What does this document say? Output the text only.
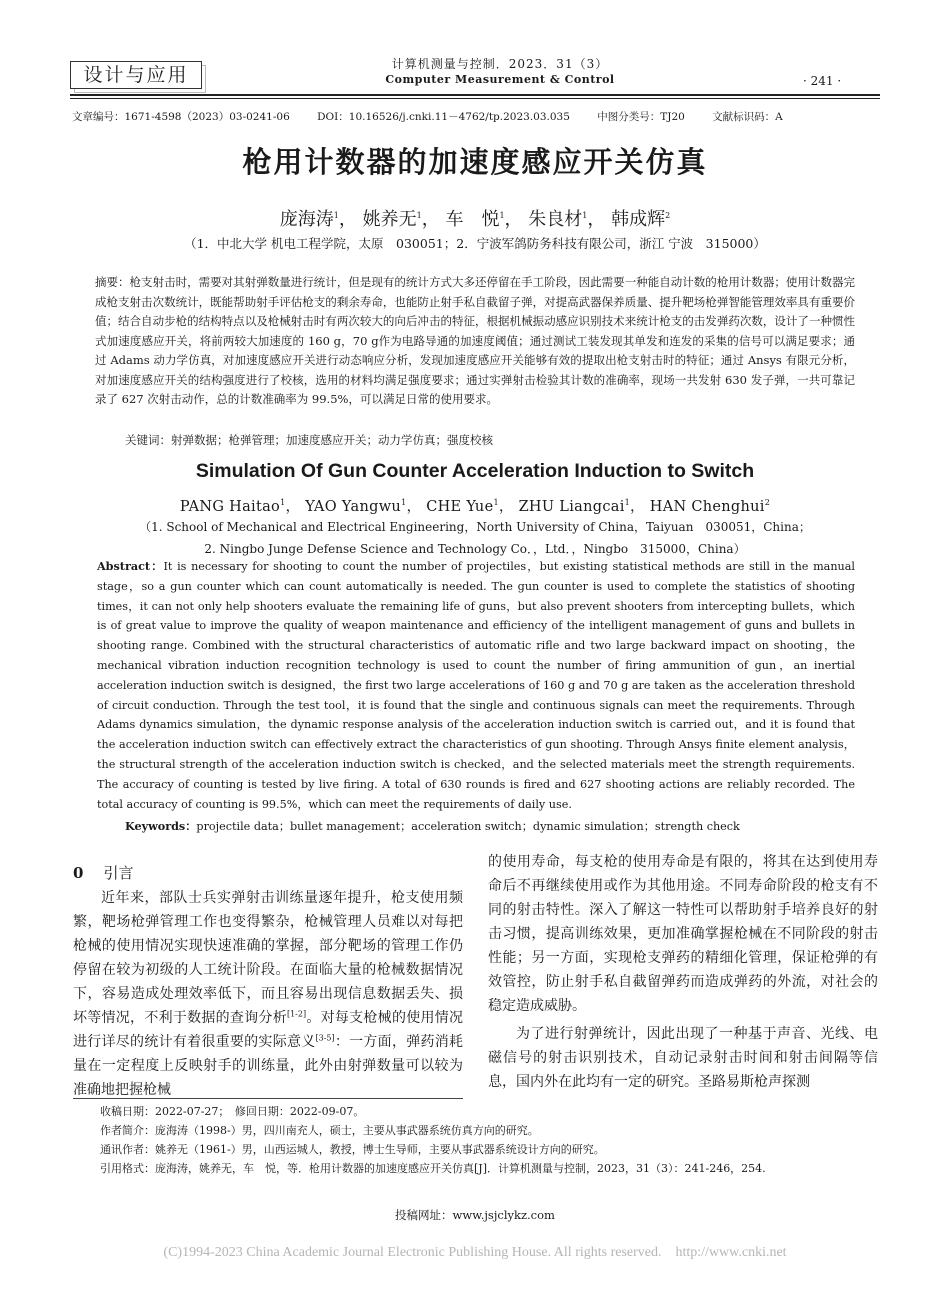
设计与应用	计算机测量与控制．2023．31（3）
Computer Measurement & Control	· 241 ·
文章编号：1671-4598（2023）03-0241-06	DOI：10.16526/j.cnki.11－4762/tp.2023.03.035	中图分类号：TJ20	文献标识码：A
枪用计数器的加速度感应开关仿真
庞海涛$^1$， 姚养无$^1$， 车　悦$^1$， 朱良材$^1$， 韩成辉$^2$
（1．中北大学 机电工程学院，太原　030051；2．宁波军鸽防务科技有限公司，浙江 宁波　315000）
摘要：枪支射击时，需要对其射弹数量进行统计，但是现有的统计方式大多还停留在手工阶段，因此需要一种能自动计数的枪用计数器；使用计数器完成枪支射击次数统计，既能帮助射手评估枪支的剩余寿命，也能防止射手私自截留子弹，对提高武器保养质量、提升靶场枪弹智能管理效率具有重要价值；结合自动步枪的结构特点以及枪械射击时有两次较大的向后冲击的特征，根据机械振动感应识别技术来统计枪支的击发弹药次数，设计了一种惯性式加速度感应开关，将前两较大加速度的 160 g，70 g作为电路导通的加速度阈值；通过测试工装发现其单发和连发的采集的信号可以满足要求；通过 Adams 动力学仿真，对加速度感应开关进行动态响应分析，发现加速度感应开关能够有效的提取出枪支射击时的特征；通过 Ansys 有限元分析，对加速度感应开关的结构强度进行了校核，选用的材料均满足强度要求；通过实弹射击检验其计数的准确率，现场一共发射 630 发子弹，一共可靠记录了 627 次射击动作，总的计数准确率为 99.5%，可以满足日常的使用要求。
关键词：射弹数据；枪弹管理；加速度感应开关；动力学仿真；强度校核
Simulation Of Gun Counter Acceleration Induction to Switch
PANG Haitao$^1$， YAO Yangwu$^1$， CHE Yue$^1$， ZHU Liangcai$^1$， HAN Chenghui$^2$
（1. School of Mechanical and Electrical Engineering，North University of China，Taiyuan　030051，China；
2. Ningbo Junge Defense Science and Technology Co．，Ltd．，Ningbo　315000，China）
Abstract：It is necessary for shooting to count the number of projectiles，but existing statistical methods are still in the manual stage，so a gun counter which can count automatically is needed. The gun counter is used to complete the statistics of shooting times，it can not only help shooters evaluate the remaining life of guns，but also prevent shooters from intercepting bullets，which is of great value to improve the quality of weapon maintenance and efficiency of the intelligent management of guns and bullets in shooting range. Combined with the structural characteristics of automatic rifle and two large backward impact on shooting，the mechanical vibration induction recognition technology is used to count the number of firing ammunition of gun，an inertial acceleration induction switch is designed，the first two large accelerations of 160 g and 70 g are taken as the acceleration threshold of circuit conduction. Through the test tool，it is found that the single and continuous signals can meet the requirements. Through Adams dynamics simulation，the dynamic response analysis of the acceleration induction switch is carried out，and it is found that the acceleration induction switch can effectively extract the characteristics of gun shooting. Through Ansys finite element analysis，the structural strength of the acceleration induction switch is checked，and the selected materials meet the strength requirements. The accuracy of counting is tested by live firing. A total of 630 rounds is fired and 627 shooting actions are reliably recorded. The total accuracy of counting is 99.5%，which can meet the requirements of daily use.
Keywords：projectile data；bullet management；acceleration switch；dynamic simulation；strength check
0 引言

近年来，部队士兵实弹射击训练量逐年提升，枪支使用频繁，靶场枪弹管理工作也变得繁杂，枪械管理人员难以对每把枪械的使用情况实现快速准确的掌握，部分靶场的管理工作仍停留在较为初级的人工统计阶段。在面临大量的枪械数据情况下，容易造成处理效率低下，而且容易出现信息数据丢失、损坏等情况，不利于数据的查询分析[1-2]。对每支枪械的使用情况进行详尽的统计有着很重要的实际意义[3-5]：一方面，弹药消耗量在一定程度上反映射手的训练量，此外由射弹数量可以较为准确地把握枪械

的使用寿命，每支枪的使用寿命是有限的，将其在达到使用寿命后不再继续使用或作为其他用途。不同寿命阶段的枪支有不同的射击特性。深入了解这一特性可以帮助射手培养良好的射击习惯，提高训练效果，更加准确掌握枪械在不同阶段的射击性能；另一方面，实现枪支弹药的精细化管理，保证枪弹的有效管控，防止射手私自截留弹药而造成弹药的外流，对社会的稳定造成威胁。

为了进行射弹统计，因此出现了一种基于声音、光线、电磁信号的射击识别技术，自动记录射击时间和射击间隔等信息，国内外在此均有一定的研究。圣路易斯枪声探测

收稿日期：2022-07-27；　修回日期：2022-09-07。
作者简介：庞海涛（1998-）男，四川南充人，硕士，主要从事武器系统仿真方向的研究。
通讯作者：姚养无（1961-）男，山西运城人，教授，博士生导师，主要从事武器系统设计方向的研究。
引用格式：庞海涛，姚养无，车　悦，等．枪用计数器的加速度感应开关仿真[J]．计算机测量与控制，2023，31（3）：241-246，254.
投稿网址：www.jsjclykz.com
(C)1994-2023 China Academic Journal Electronic Publishing House. All rights reserved.　http://www.cnki.net
